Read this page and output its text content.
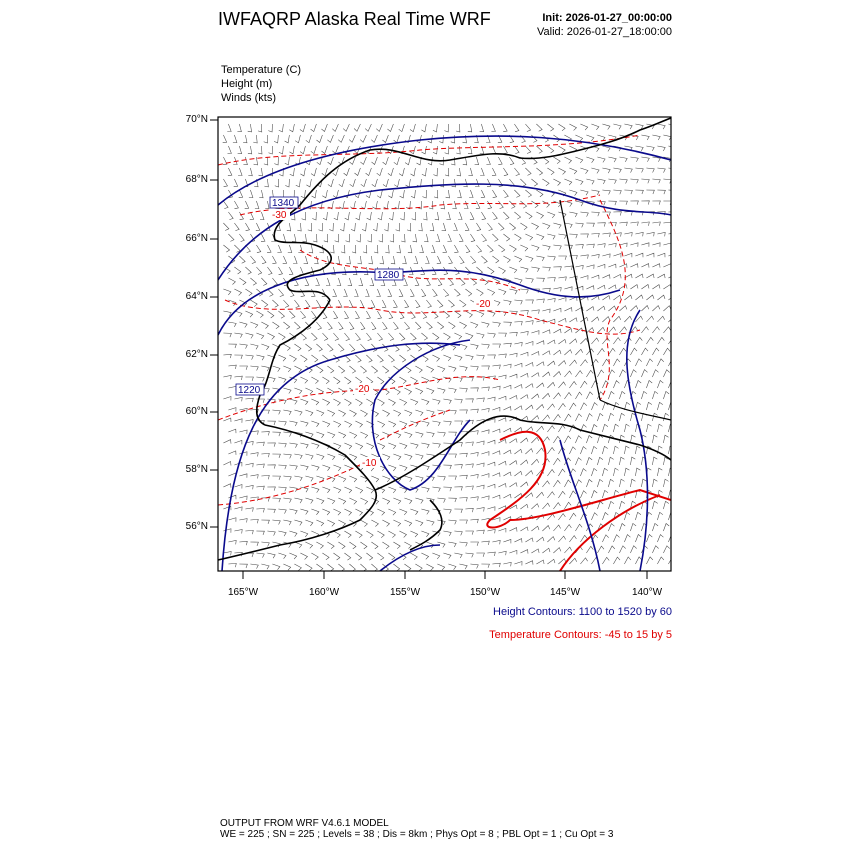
IWFAQRP Alaska Real Time WRF	Init: 2026-01-27_00:00:00
Valid: 2026-01-27_18:00:00
Temperature (C)
Height (m)
Winds (kts)
1340
1280
1220
-30
-20
-20
-10
70°N
68°N
66°N
64°N
62°N
60°N
58°N
56°N
165°W	160°W	155°W	150°W	145°W	140°W
Height Contours: 1100 to 1520 by 60
Temperature Contours: -45 to 15 by 5
OUTPUT FROM WRF V4.6.1 MODEL
WE = 225 ; SN = 225 ; Levels = 38 ; Dis = 8km ; Phys Opt = 8 ; PBL Opt = 1 ; Cu Opt = 3
